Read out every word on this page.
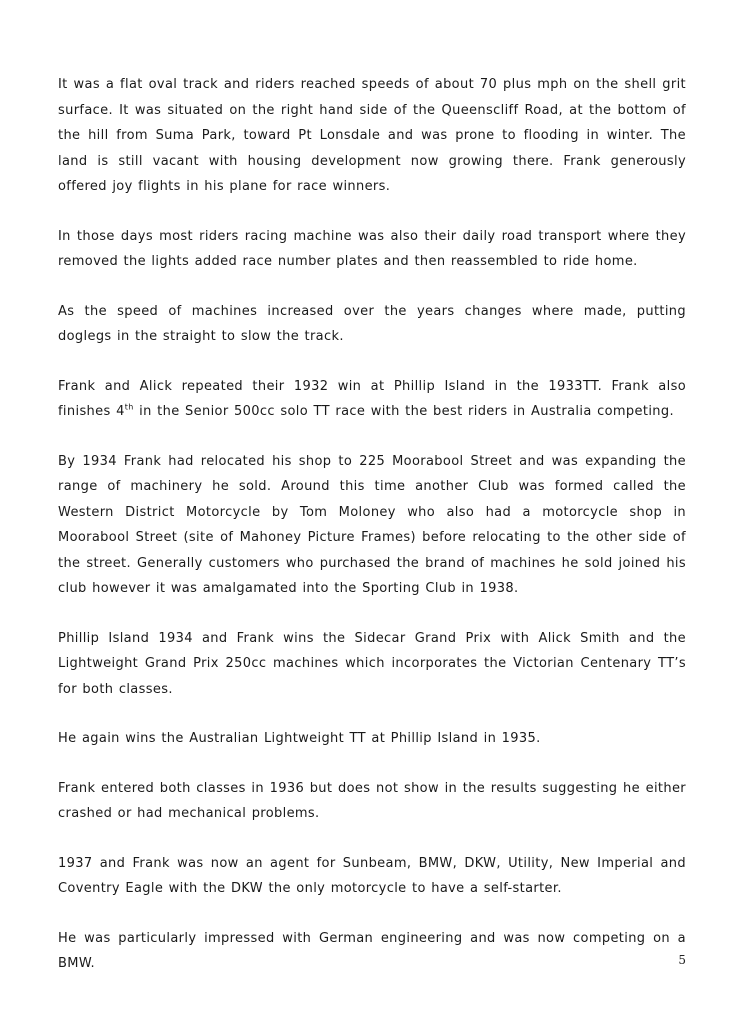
It was a flat oval track and riders reached speeds of about 70 plus mph on the shell grit surface. It was situated on the right hand side of the Queenscliff Road, at the bottom of the hill from Suma Park, toward Pt Lonsdale and was prone to flooding in winter. The land is still vacant with housing development now growing there. Frank generously offered joy flights in his plane for race winners.

In those days most riders racing machine was also their daily road transport where they removed the lights added race number plates and then reassembled to ride home.

As the speed of machines increased over the years changes where made, putting doglegs in the straight to slow the track.

Frank and Alick repeated their 1932 win at Phillip Island in the 1933TT. Frank also finishes 4th in the Senior 500cc solo TT race with the best riders in Australia competing.

By 1934 Frank had relocated his shop to 225 Moorabool Street and was expanding the range of machinery he sold. Around this time another Club was formed called the Western District Motorcycle by Tom Moloney who also had a motorcycle shop in Moorabool Street (site of Mahoney Picture Frames) before relocating to the other side of the street. Generally customers who purchased the brand of machines he sold joined his club however it was amalgamated into the Sporting Club in 1938.

Phillip Island 1934 and Frank wins the Sidecar Grand Prix with Alick Smith and the Lightweight Grand Prix 250cc machines which incorporates the Victorian Centenary TT’s for both classes.

He again wins the Australian Lightweight TT at Phillip Island in 1935.

Frank entered both classes in 1936 but does not show in the results suggesting he either crashed or had mechanical problems.

1937 and Frank was now an agent for Sunbeam, BMW, DKW, Utility, New Imperial and Coventry Eagle with the DKW the only motorcycle to have a self-starter.

He was particularly impressed with German engineering and was now competing on a BMW.	5
